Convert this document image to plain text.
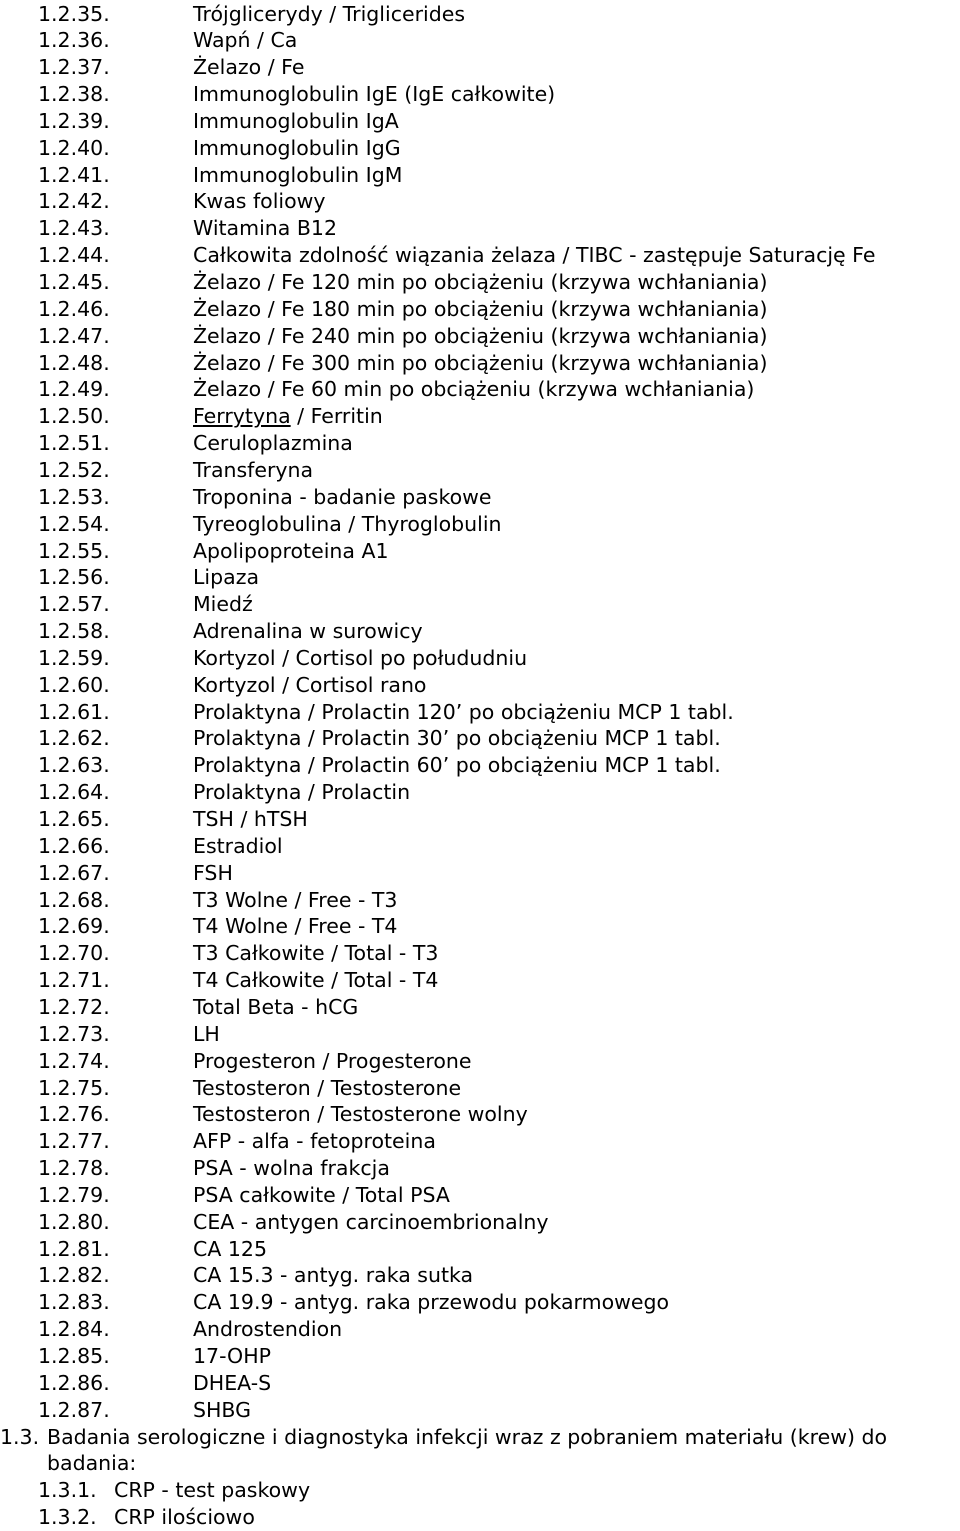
1.2.35.	Trójglicerydy / Triglicerides
1.2.36.	Wapń / Ca
1.2.37.	Żelazo / Fe
1.2.38.	Immunoglobulin IgE (IgE całkowite)
1.2.39.	Immunoglobulin IgA
1.2.40.	Immunoglobulin IgG
1.2.41.	Immunoglobulin IgM
1.2.42.	Kwas foliowy
1.2.43.	Witamina B12
1.2.44.	Całkowita zdolność wiązania żelaza / TIBC - zastępuje Saturację Fe
1.2.45.	Żelazo / Fe 120 min po obciążeniu (krzywa wchłaniania)
1.2.46.	Żelazo / Fe 180 min po obciążeniu (krzywa wchłaniania)
1.2.47.	Żelazo / Fe 240 min po obciążeniu (krzywa wchłaniania)
1.2.48.	Żelazo / Fe 300 min po obciążeniu (krzywa wchłaniania)
1.2.49.	Żelazo / Fe 60 min po obciążeniu (krzywa wchłaniania)
1.2.50.	Ferrytyna / Ferritin
1.2.51.	Ceruloplazmina
1.2.52.	Transferyna
1.2.53.	Troponina - badanie paskowe
1.2.54.	Tyreoglobulina / Thyroglobulin
1.2.55.	Apolipoproteina A1
1.2.56.	Lipaza
1.2.57.	Miedź
1.2.58.	Adrenalina w surowicy
1.2.59.	Kortyzol / Cortisol po połududniu
1.2.60.	Kortyzol / Cortisol rano
1.2.61.	Prolaktyna / Prolactin 120’ po obciążeniu MCP 1 tabl.
1.2.62.	Prolaktyna / Prolactin 30’ po obciążeniu MCP 1 tabl.
1.2.63.	Prolaktyna / Prolactin 60’ po obciążeniu MCP 1 tabl.
1.2.64.	Prolaktyna / Prolactin
1.2.65.	TSH / hTSH
1.2.66.	Estradiol
1.2.67.	FSH
1.2.68.	T3 Wolne / Free - T3
1.2.69.	T4 Wolne / Free - T4
1.2.70.	T3 Całkowite / Total - T3
1.2.71.	T4 Całkowite / Total - T4
1.2.72.	Total Beta - hCG
1.2.73.	LH
1.2.74.	Progesteron / Progesterone
1.2.75.	Testosteron / Testosterone
1.2.76.	Testosteron / Testosterone wolny
1.2.77.	AFP - alfa - fetoproteina
1.2.78.	PSA - wolna frakcja
1.2.79.	PSA całkowite / Total PSA
1.2.80.	CEA - antygen carcinoembrionalny
1.2.81.	CA 125
1.2.82.	CA 15.3 - antyg. raka sutka
1.2.83.	CA 19.9 - antyg. raka przewodu pokarmowego
1.2.84.	Androstendion
1.2.85.	17-OHP
1.2.86.	DHEA-S
1.2.87.	SHBG
1.3. Badania serologiczne i diagnostyka infekcji wraz z pobraniem materiału (krew) do
badania:
1.3.1. CRP - test paskowy
1.3.2. CRP ilościowo
